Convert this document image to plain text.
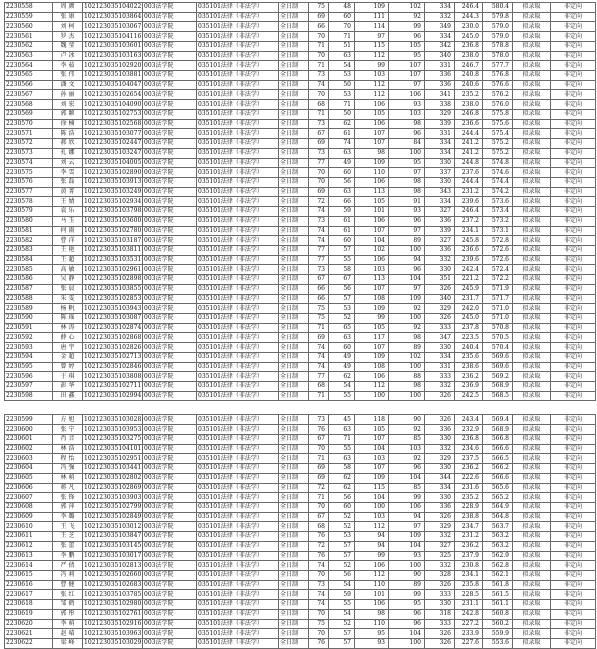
2230558	周 颜	102123035104022	003法学院	035101法律（非法学）	全日制	75	48	109	102	334	246.4	580.4	拟录取	非定向
2230559	张 康	102123035103864	003法学院	035101法律（非法学）	全日制	69	60	111	92	332	244.3	579.8	拟录取	非定向
2230560	刘 柯	102123035103067	003法学院	035101法律（非法学）	全日制	66	70	114	99	349	230.0	579.0	拟录取	非定向
2230561	罗 杰	102123035104116	003法学院	035101法律（非法学）	全日制	70	71	97	96	334	245.0	579.0	拟录取	非定向
2230562	魏 莹	102123035103601	003法学院	035101法律（非法学）	全日制	71	51	115	105	342	236.8	578.8	拟录取	非定向
2230563	卢 冰	102123035103163	003法学院	035101法律（非法学）	全日制	70	63	112	95	340	238.0	578.0	拟录取	非定向
2230564	李 茹	102123035102920	003法学院	035101法律（非法学）	全日制	71	54	99	107	331	246.7	577.7	拟录取	非定向
2230565	张 伟	102123035103881	003法学院	035101法律（非法学）	全日制	73	53	103	107	336	240.8	576.8	拟录取	非定向
2230566	潘 文	102123035104047	003法学院	035101法律（非法学）	全日制	74	50	112	97	336	240.6	576.6	拟录取	非定向
2230567	孙 丽	102123035102654	003法学院	035101法律（非法学）	全日制	70	53	112	106	341	235.2	576.2	拟录取	非定向
2230568	刘 宏	102123035104090	003法学院	035101法律（非法学）	全日制	68	71	106	93	338	238.0	576.0	拟录取	非定向
2230569	郭 颖	102123035102753	003法学院	035101法律（非法学）	全日制	71	50	105	103	329	246.8	575.8	拟录取	非定向
2230570	徐 楠	102123035102568	003法学院	035101法律（非法学）	全日制	73	62	106	98	339	236.6	575.6	拟录取	非定向
2230571	陈 浩	102123035103077	003法学院	035101法律（非法学）	全日制	67	61	107	96	331	244.4	575.4	拟录取	非定向
2230572	郝 欣	102123035102447	003法学院	035101法律（非法学）	全日制	69	74	107	84	334	241.2	575.2	拟录取	非定向
2230573	孔 娜	102123035103247	003法学院	035101法律（非法学）	全日制	73	63	98	100	334	241.2	575.2	拟录取	非定向
2230574	刘 云	102123035104005	003法学院	035101法律（非法学）	全日制	77	49	109	95	330	244.8	574.8	拟录取	非定向
2230575	李 雪	102123035102890	003法学院	035101法律（非法学）	全日制	70	60	110	97	337	237.6	574.6	拟录取	非定向
2230576	张 磊	102123035103913	003法学院	035101法律（非法学）	全日制	70	56	106	98	330	244.4	574.4	拟录取	非定向
2230577	黄 菁	102123035103249	003法学院	035101法律（非法学）	全日制	69	63	113	98	343	231.2	574.2	拟录取	非定向
2230578	王 婧	102123035102934	003法学院	035101法律（非法学）	全日制	72	66	105	91	334	239.6	573.6	拟录取	非定向
2230579	袁 乐	102123035103798	003法学院	035101法律（非法学）	全日制	74	59	101	93	327	246.4	573.4	拟录取	非定向
2230580	马 玉	102123035103600	003法学院	035101法律（非法学）	全日制	73	61	106	96	336	237.2	573.2	拟录取	非定向
2230581	何 雨	102123035102780	003法学院	035101法律（非法学）	全日制	74	61	107	97	339	234.1	573.1	拟录取	非定向
2230582	曹 洋	102123035103187	003法学院	035101法律（非法学）	全日制	74	60	104	89	327	245.8	572.8	拟录取	非定向
2230583	王 艳	102123035103811	003法学院	035101法律（非法学）	全日制	77	57	102	100	336	236.6	572.6	拟录取	非定向
2230584	王 超	102123035103531	003法学院	035101法律（非法学）	全日制	77	55	106	94	332	239.6	572.6	拟录取	非定向
2230585	高 敏	102123035102961	003法学院	035101法律（非法学）	全日制	73	58	103	96	330	242.4	572.4	拟录取	非定向
2230586	吴 静	102123035102898	003法学院	035101法律（非法学）	全日制	67	67	113	104	351	221.2	572.2	拟录取	非定向
2230587	张 晨	102123035103855	003法学院	035101法律（非法学）	全日制	66	56	107	97	326	245.9	571.9	拟录取	非定向
2230588	朱 雯	102123035102853	003法学院	035101法律（非法学）	全日制	66	57	108	109	340	231.7	571.7	拟录取	非定向
2230589	杨 帆	102123035103943	003法学院	035101法律（非法学）	全日制	75	53	109	92	329	242.0	571.0	拟录取	非定向
2230590	陈 瑶	102123035103087	003法学院	035101法律（非法学）	全日制	75	52	99	100	326	245.0	571.0	拟录取	非定向
2230591	林 涛	102123035102874	003法学院	035101法律（非法学）	全日制	71	65	105	92	333	237.8	570.8	拟录取	非定向
2230592	薛 心	102123035102868	003法学院	035101法律（非法学）	全日制	69	63	117	98	347	223.5	570.5	拟录取	非定向
2230593	唐 宇	102123035102826	003法学院	035101法律（非法学）	全日制	74	60	107	89	330	240.4	570.4	拟录取	非定向
2230594	金 超	102123035102713	003法学院	035101法律（非法学）	全日制	74	49	109	102	334	235.6	569.6	拟录取	非定向
2230595	曾 婷	102123035102846	003法学院	035101法律（非法学）	全日制	74	49	108	100	331	238.6	569.6	拟录取	非定向
2230596	于 琪	102123035103808	003法学院	035101法律（非法学）	全日制	77	62	106	88	333	236.2	569.2	拟录取	非定向
2230597	彭 华	102123035102711	003法学院	035101法律（非法学）	全日制	68	54	112	98	332	236.9	568.9	拟录取	非定向
2230598	田 鑫	102123035102994	003法学院	035101法律（非法学）	全日制	71	55	100	100	326	242.5	568.5	拟录取	非定向
2230599	方 旭	102123035103028	003法学院	035101法律（非法学）	全日制	73	45	118	90	326	243.4	569.4	拟录取	非定向
2230600	张 宁	102123035103953	003法学院	035101法律（非法学）	全日制	76	63	105	92	336	232.9	568.9	拟录取	非定向
2230601	肖 音	102123035103275	003法学院	035101法律（非法学）	全日制	67	71	107	85	330	236.8	566.8	拟录取	非定向
2230602	林 浩	102123035104101	003法学院	035101法律（非法学）	全日制	70	55	104	103	332	234.6	566.6	拟录取	非定向
2230603	程 怡	102123035102951	003法学院	035101法律（非法学）	全日制	71	63	103	92	329	237.5	566.5	拟录取	非定向
2230604	冯 强	102123035103441	003法学院	035101法律（非法学）	全日制	69	58	107	96	330	236.2	566.2	拟录取	非定向
2230605	林 萌	102123035102802	003法学院	035101法律（非法学）	全日制	69	62	109	104	344	222.6	566.6	拟录取	非定向
2230606	蒋 凡	102123035102869	003法学院	035101法律（非法学）	全日制	72	62	115	85	334	231.6	565.6	拟录取	非定向
2230607	张 锋	102123035103903	003法学院	035101法律（非法学）	全日制	71	56	104	99	330	235.2	565.2	拟录取	非定向
2230608	郭 萍	102123035102799	003法学院	035101法律（非法学）	全日制	70	60	100	106	336	228.9	564.9	拟录取	非定向
2230609	李 璐	102123035102849	003法学院	035101法律（非法学）	全日制	67	52	103	94	326	238.8	564.8	拟录取	非定向
2230610	王 飞	102123035103012	003法学院	035101法律（非法学）	全日制	68	52	112	97	329	234.7	563.7	拟录取	非定向
2230611	王 芝	102123035103847	003法学院	035101法律（非法学）	全日制	76	53	94	109	332	231.2	563.2	拟录取	非定向
2230612	张 蕾	102123035103145	003法学院	035101法律（非法学）	全日制	72	57	94	104	327	236.2	563.2	拟录取	非定向
2230613	李 鹏	102123035103017	003法学院	035101法律（非法学）	全日制	76	57	99	93	325	237.9	562.9	拟录取	非定向
2230614	严 倩	102123035102813	003法学院	035101法律（非法学）	全日制	74	52	106	100	332	230.8	562.8	拟录取	非定向
2230615	冯 莉	102123035102660	003法学院	035101法律（非法学）	全日制	70	56	112	90	328	234.1	562.1	拟录取	非定向
2230616	曹 健	102123035102683	003法学院	035101法律（非法学）	全日制	73	54	110	89	326	235.8	561.8	拟录取	非定向
2230617	张 红	102123035103785	003法学院	035101法律（非法学）	全日制	74	59	101	99	333	228.5	561.5	拟录取	非定向
2230618	邹 鹤	102123035102980	003法学院	035101法律（非法学）	全日制	74	55	106	95	330	231.1	561.1	拟录取	非定向
2230619	郭 彤	102123035102761	003法学院	035101法律（非法学）	全日制	70	54	98	96	318	242.8	560.8	拟录取	非定向
2230620	李 萌	102123035102916	003法学院	035101法律（非法学）	全日制	75	52	110	96	333	227.2	560.2	拟录取	非定向
2230621	赵 晴	102123035103963	003法学院	035101法律（非法学）	全日制	70	57	95	104	326	233.9	559.9	拟录取	非定向
2230622	梁 峰	102123035103029	003法学院	035101法律（非法学）	全日制	76	57	93	100	326	227.6	553.6	拟录取	非定向
